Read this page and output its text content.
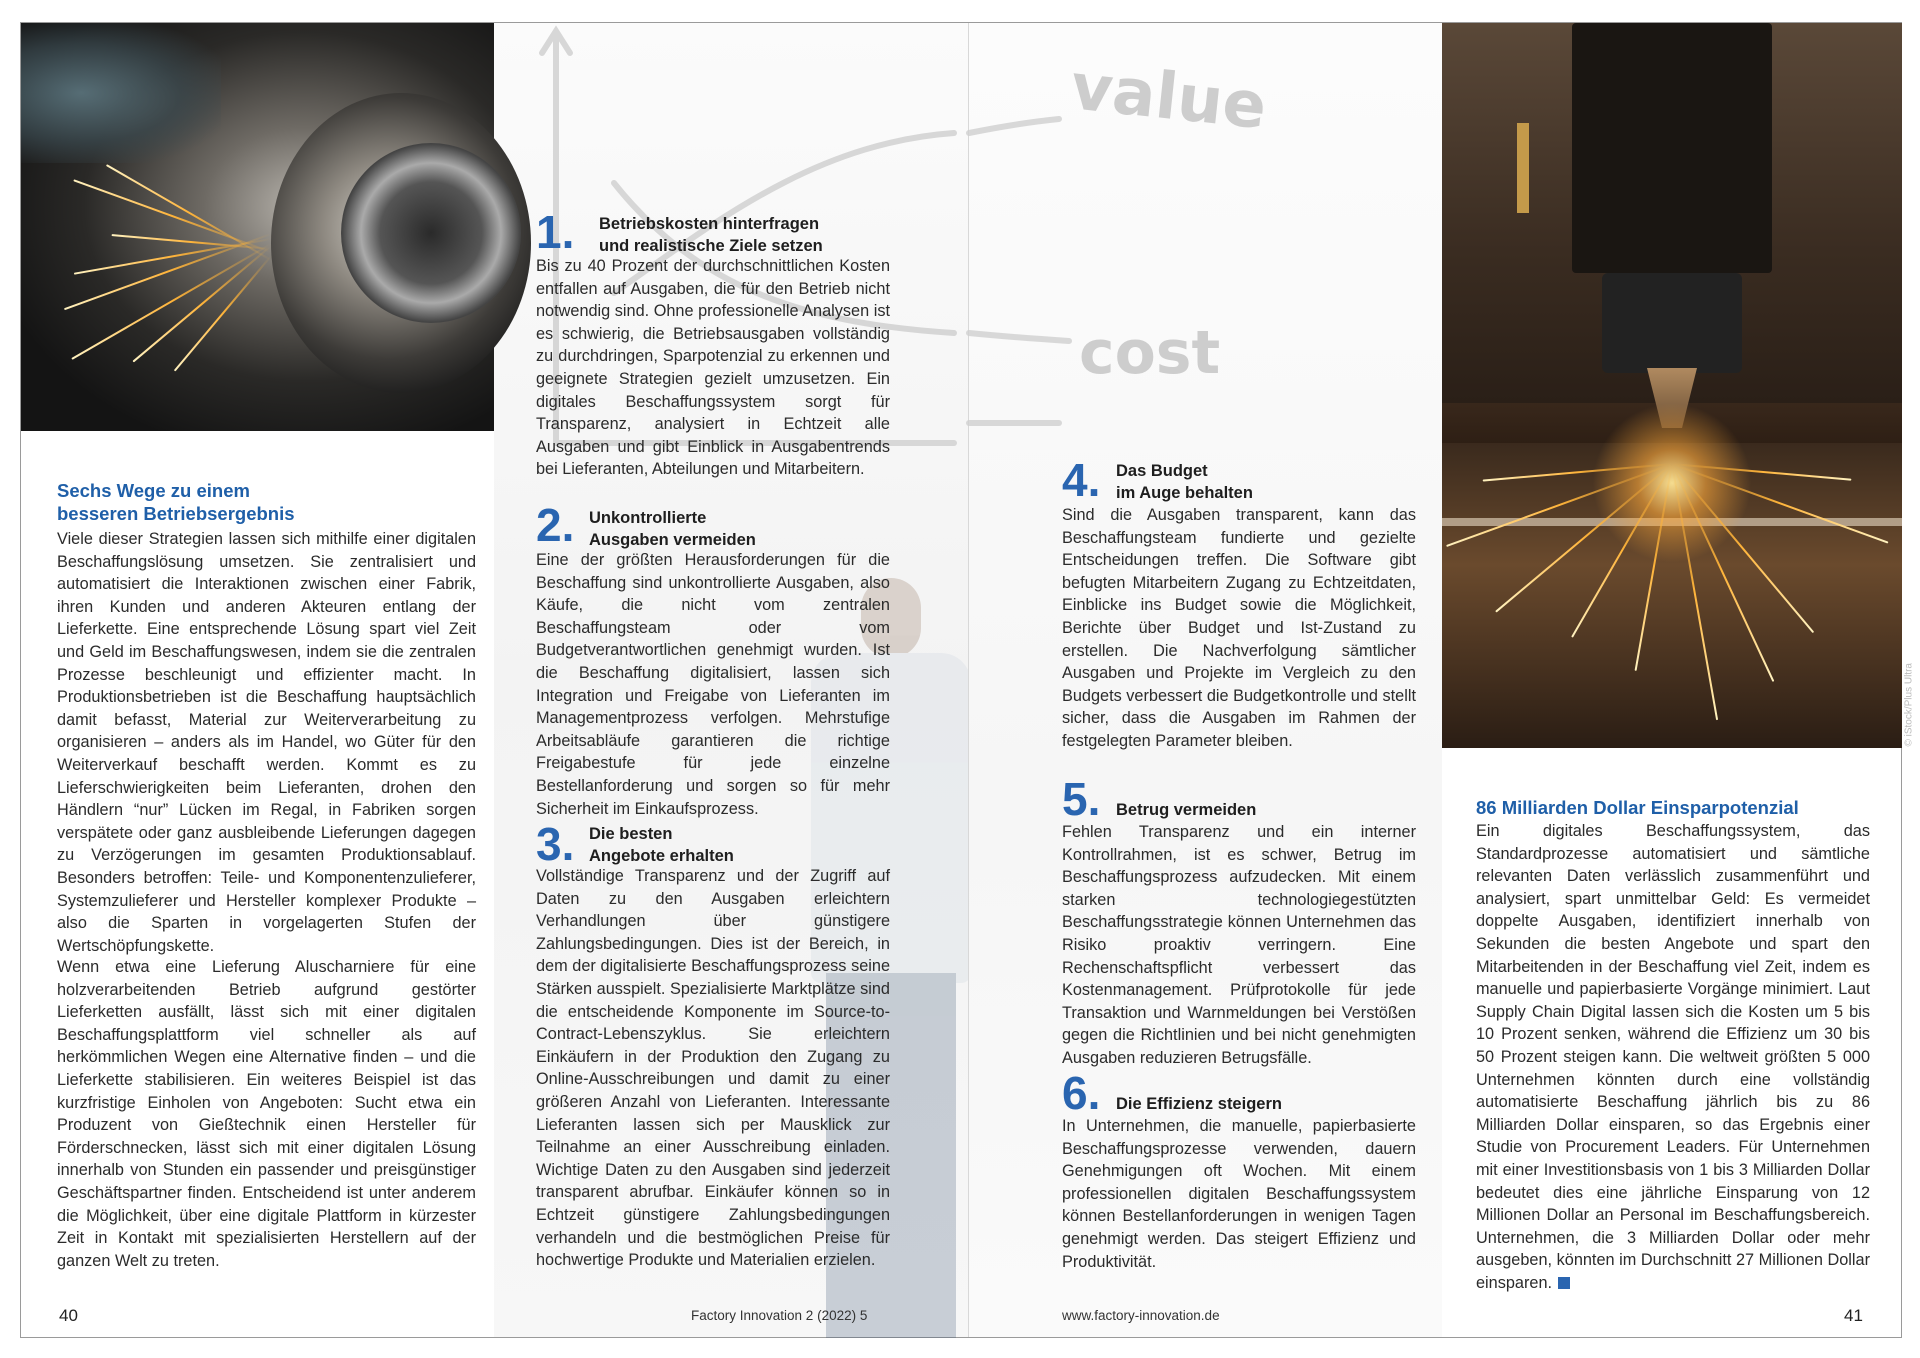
Sechs Wege zu einem besseren Betriebsergebnis

Viele dieser Strategien lassen sich mithilfe einer digitalen Beschaffungslösung umsetzen. Sie zentralisiert und automatisiert die Interaktionen zwischen einer Fabrik, ihren Kunden und anderen Akteuren entlang der Lieferkette. Eine entsprechende Lösung spart viel Zeit und Geld im Beschaffungswesen, indem sie die zentralen Prozesse beschleunigt und effizienter macht. In Produktionsbetrieben ist die Beschaffung hauptsächlich damit befasst, Material zur Weiterverarbeitung zu organisieren – anders als im Handel, wo Güter für den Weiterverkauf beschafft werden. Kommt es zu Lieferschwierigkeiten beim Lieferanten, drohen den Händlern “nur” Lücken im Regal, in Fabriken sorgen verspätete oder ganz ausbleibende Lieferungen dagegen zu Verzögerungen im gesamten Produktionsablauf. Besonders betroffen: Teile- und Komponentenzulieferer, Systemzulieferer und Hersteller komplexer Produkte – also die Sparten in vorgelagerten Stufen der Wertschöpfungskette.

Wenn etwa eine Lieferung Aluscharniere für eine holzverarbeitenden Betrieb aufgrund gestörter Lieferketten ausfällt, lässt sich mit einer digitalen Beschaffungsplattform viel schneller als auf herkömmlichen Wegen eine Alternative finden – und die Lieferkette stabilisieren. Ein weiteres Beispiel ist das kurzfristige Einholen von Angeboten: Sucht etwa ein Produzent von Gießtechnik einen Hersteller für Förderschnecken, lässt sich mit einer digitalen Lösung innerhalb von Stunden ein passender und preisgünstiger Geschäftspartner finden. Entscheidend ist unter anderem die Möglichkeit, über eine digitale Plattform in kürzester Zeit in Kontakt mit spezialisierten Herstellern auf der ganzen Welt zu treten.

1. Betriebskosten hinterfragen
und realistische Ziele setzen

Bis zu 40 Prozent der durchschnittlichen Kosten entfallen auf Ausgaben, die für den Betrieb nicht notwendig sind. Ohne professionelle Analysen ist es schwierig, die Betriebsausgaben vollständig zu durchdringen, Sparpotenzial zu erkennen und geeignete Strategien gezielt umzusetzen. Ein digitales Beschaffungssystem sorgt für Transparenz, analysiert in Echtzeit alle Ausgaben und gibt Einblick in Ausgabentrends bei Lieferanten, Abteilungen und Mitarbeitern.

2. Unkontrollierte
Ausgaben vermeiden

Eine der größten Herausforderungen für die Beschaffung sind unkontrollierte Ausgaben, also Käufe, die nicht vom zentralen Beschaffungsteam oder vom Budgetverantwortlichen genehmigt wurden. Ist die Beschaffung digitalisiert, lassen sich Integration und Freigabe von Lieferanten im Managementprozess verfolgen. Mehrstufige Arbeitsabläufe garantieren die richtige Freigabestufe für jede einzelne Bestellanforderung und sorgen so für mehr Sicherheit im Einkaufsprozess.

3. Die besten
Angebote erhalten

Vollständige Transparenz und der Zugriff auf Daten zu den Ausgaben erleichtern Verhandlungen über günstigere Zahlungsbedingungen. Dies ist der Bereich, in dem der digitalisierte Beschaffungsprozess seine Stärken ausspielt. Spezialisierte Marktplätze sind die entscheidende Komponente im Source-to-Contract-Lebenszyklus. Sie erleichtern Einkäufern in der Produktion den Zugang zu Online-Ausschreibungen und damit zu einer größeren Anzahl von Lieferanten. Interessante Lieferanten lassen sich per Mausklick zur Teilnahme an einer Ausschreibung einladen. Wichtige Daten zu den Ausgaben sind jederzeit transparent abrufbar. Einkäufer können so in Echtzeit günstigere Zahlungsbedingungen verhandeln und die bestmöglichen Preise für hochwertige Produkte und Materialien erzielen.

40	Factory Innovation 2 (2022) 5
value
cost
© iStock/Plus Ultra
4. Das Budget
im Auge behalten

Sind die Ausgaben transparent, kann das Beschaffungsteam fundierte und gezielte Entscheidungen treffen. Die Software gibt befugten Mitarbeitern Zugang zu Echtzeitdaten, Einblicke ins Budget sowie die Möglichkeit, Berichte über Budget und Ist-Zustand zu erstellen. Die Nachverfolgung sämtlicher Ausgaben und Projekte im Vergleich zu den Budgets verbessert die Budgetkontrolle und stellt sicher, dass die Ausgaben im Rahmen der festgelegten Parameter bleiben.

5. Betrug vermeiden

Fehlen Transparenz und ein interner Kontrollrahmen, ist es schwer, Betrug im Beschaffungsprozess aufzudecken. Mit einem starken technologiegestützten Beschaffungsstrategie können Unternehmen das Risiko proaktiv verringern. Eine Rechenschaftspflicht verbessert das Kostenmanagement. Prüfprotokolle für jede Transaktion und Warnmeldungen bei Verstößen gegen die Richtlinien und bei nicht genehmigten Ausgaben reduzieren Betrugsfälle.

6. Die Effizienz steigern

In Unternehmen, die manuelle, papierbasierte Beschaffungsprozesse verwenden, dauern Genehmigungen oft Wochen. Mit einem professionellen digitalen Beschaffungssystem können Bestellanforderungen in wenigen Tagen genehmigt werden. Das steigert Effizienz und Produktivität.

86 Milliarden Dollar Einsparpotenzial

Ein digitales Beschaffungssystem, das Standardprozesse automatisiert und sämtliche relevanten Daten verlässlich zusammenführt und analysiert, spart unmittelbar Geld: Es vermeidet doppelte Ausgaben, identifiziert innerhalb von Sekunden die besten Angebote und spart den Mitarbeitenden in der Beschaffung viel Zeit, indem es manuelle und papierbasierte Vorgänge minimiert. Laut Supply Chain Digital lassen sich die Kosten um 5 bis 10 Prozent senken, während die Effizienz um 30 bis 50 Prozent steigen kann. Die weltweit größten 5 000 Unternehmen könnten durch eine vollständig automatisierte Beschaffung jährlich bis zu 86 Milliarden Dollar einsparen, so das Ergebnis einer Studie von Procurement Leaders. Für Unternehmen mit einer Investitionsbasis von 1 bis 3 Milliarden Dollar bedeutet dies eine jährliche Einsparung von 12 Millionen Dollar an Personal im Beschaffungsbereich. Unternehmen, die 3 Milliarden Dollar oder mehr ausgeben, könnten im Durchschnitt 27 Millionen Dollar einsparen.

www.factory-innovation.de	41
